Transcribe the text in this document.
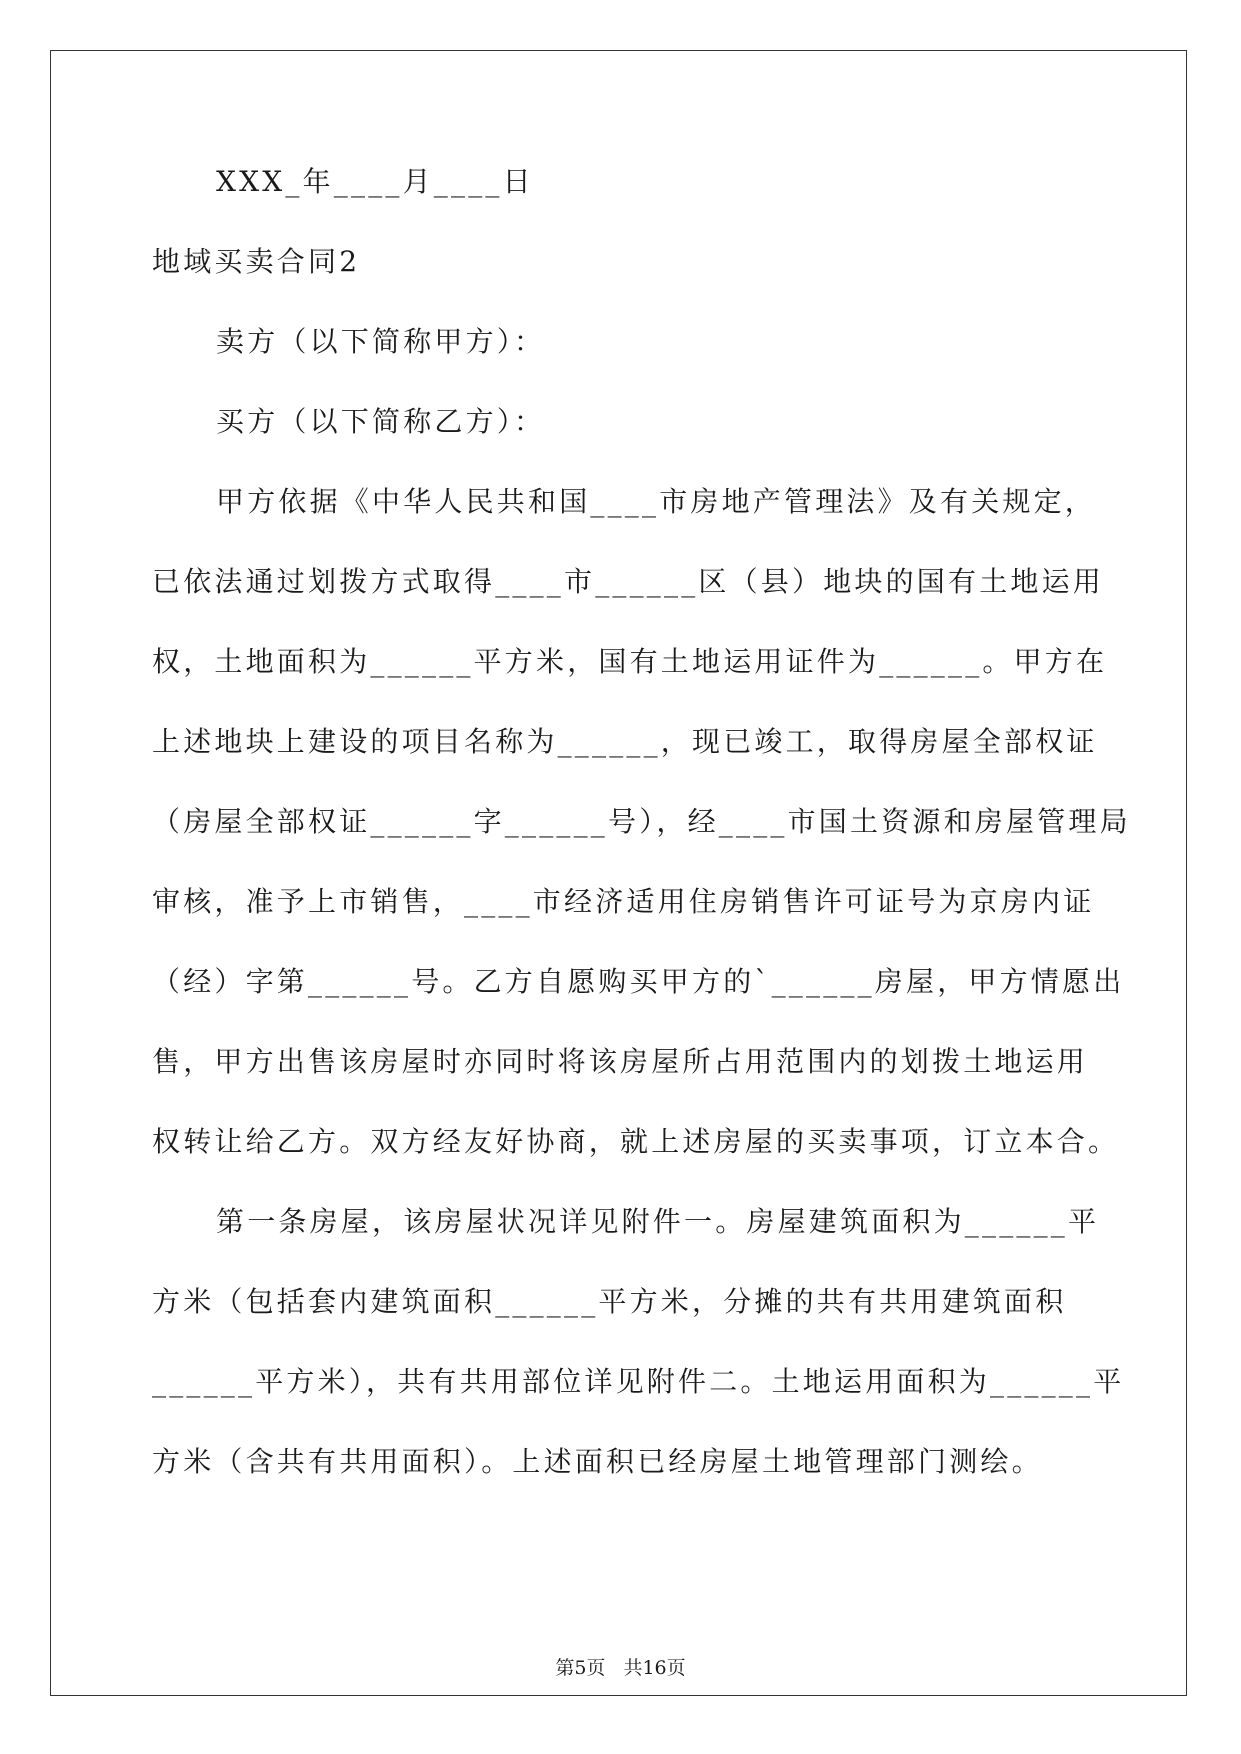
XXX_年____月____日
地域买卖合同2
卖方（以下简称甲方）：
买方（以下简称乙方）：
甲方依据《中华人民共和国____市房地产管理法》及有关规定，
已依法通过划拨方式取得____市______区（县）地块的国有土地运用
权，土地面积为______平方米，国有土地运用证件为______。甲方在
上述地块上建设的项目名称为______，现已竣工，取得房屋全部权证
（房屋全部权证______字______号），经____市国土资源和房屋管理局
审核，准予上市销售，____市经济适用住房销售许可证号为京房内证
（经）字第______号。乙方自愿购买甲方的`______房屋，甲方情愿出
售，甲方出售该房屋时亦同时将该房屋所占用范围内的划拨土地运用
权转让给乙方。双方经友好协商，就上述房屋的买卖事项，订立本合。
第一条房屋，该房屋状况详见附件一。房屋建筑面积为______平
方米（包括套内建筑面积______平方米，分摊的共有共用建筑面积
______平方米），共有共用部位详见附件二。土地运用面积为______平
方米（含共有共用面积）。上述面积已经房屋土地管理部门测绘。
第5页 共16页
